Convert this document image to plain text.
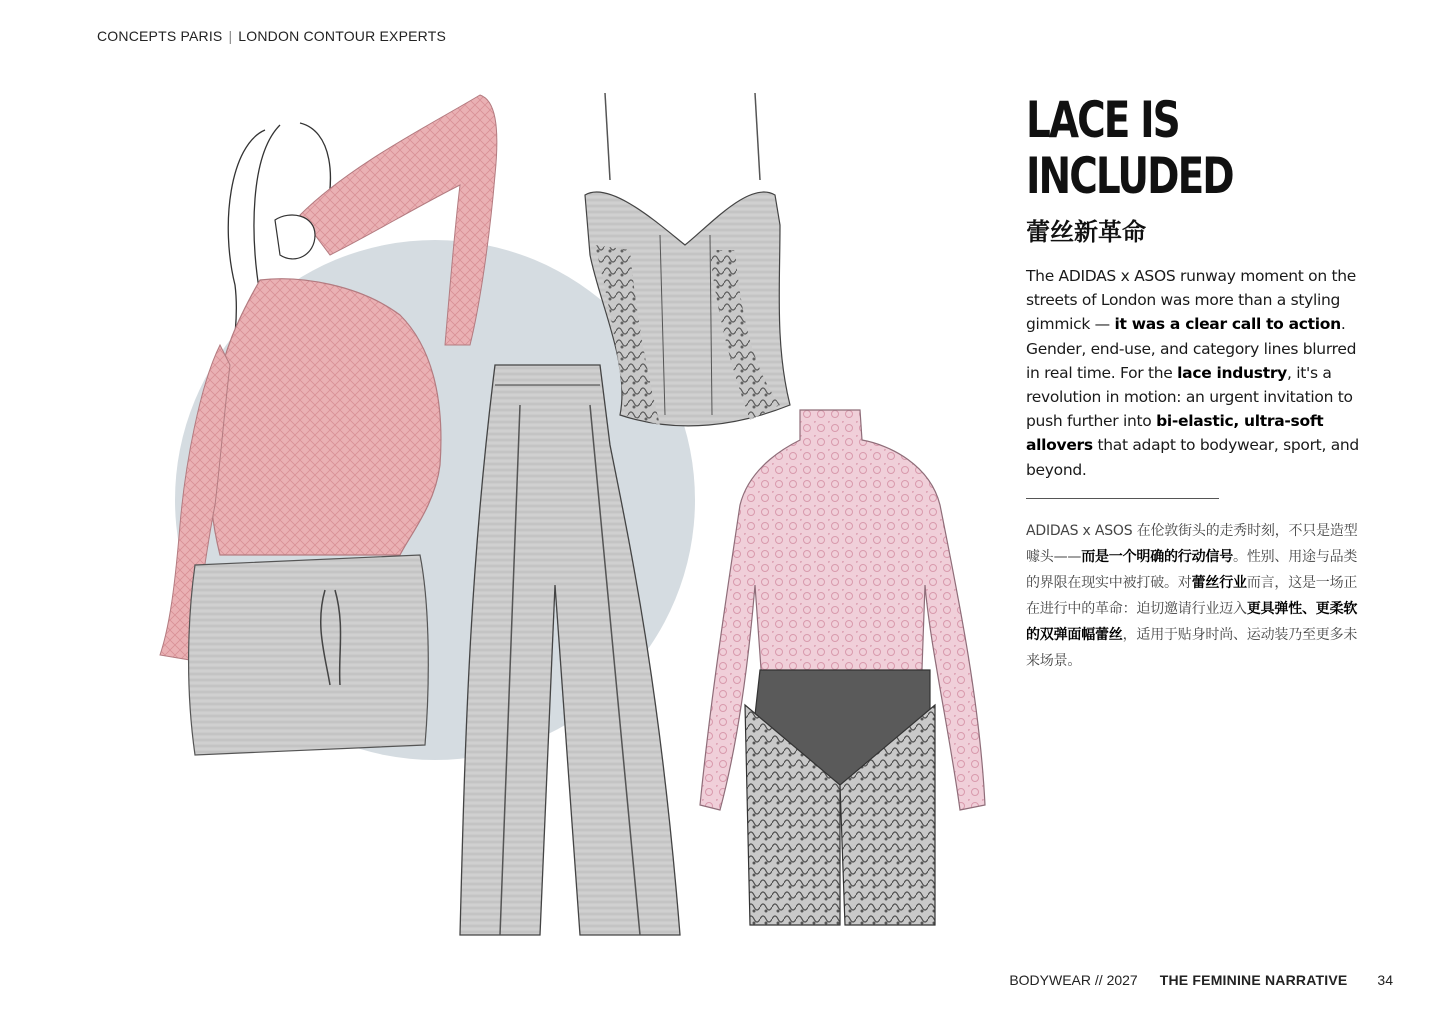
CONCEPTS PARIS | LONDON CONTOUR EXPERTS
LACE IS
INCLUDED
蕾丝新革命
The ADIDAS x ASOS runway moment on the streets of London was more than a styling gimmick — it was a clear call to action. Gender, end-use, and category lines blurred in real time. For the lace industry, it's a revolution in motion: an urgent invitation to push further into bi-elastic, ultra-soft allovers that adapt to bodywear, sport, and beyond.
ADIDAS x ASOS 在伦敦街头的走秀时刻，不只是造型噱头——而是一个明确的行动信号。性别、用途与品类的界限在现实中被打破。对蕾丝行业而言，这是一场正在进行中的革命：迫切邀请行业迈入更具弹性、更柔软的双弹面幅蕾丝，适用于贴身时尚、运动装乃至更多未来场景。
BODYWEAR // 2027 THE FEMININE NARRATIVE 34
